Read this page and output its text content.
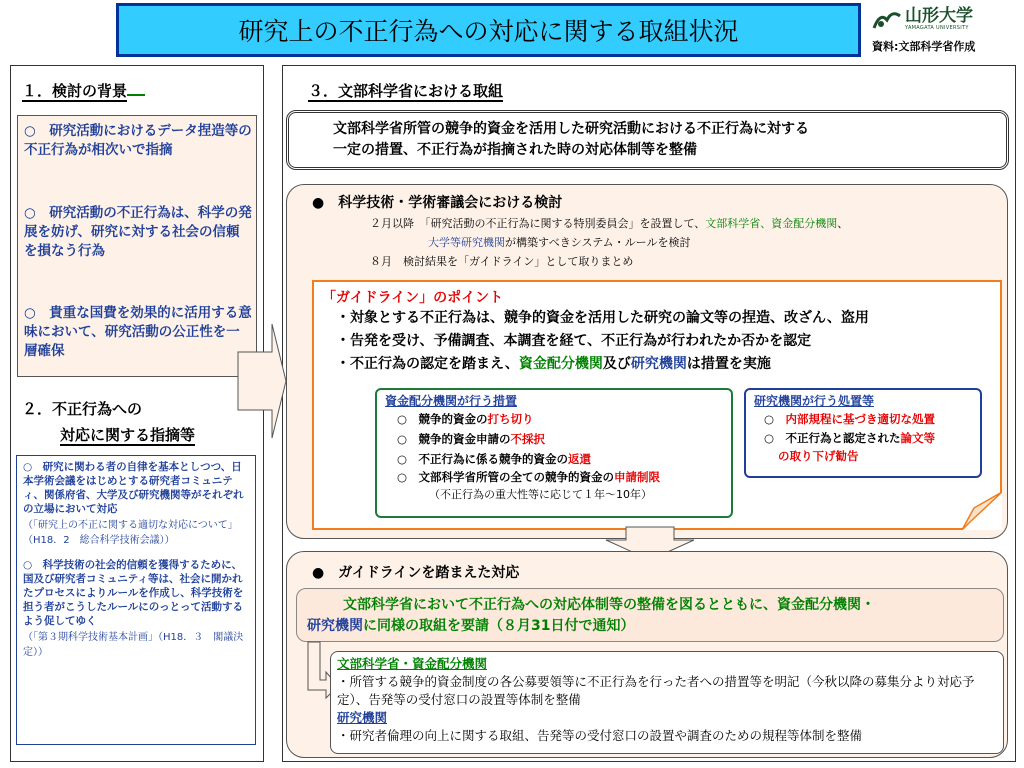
研究上の不正行為への対応に関する取組状況
山形大学
YAMAGATA UNIVERSITY
資料:文部科学省作成
１．検討の背景
○　研究活動におけるデータ捏造等の不正行為が相次いで指摘
○　研究活動の不正行為は、科学の発展を妨げ、研究に対する社会の信頼を損なう行為
○　貴重な国費を効果的に活用する意味において、研究活動の公正性を一層確保
２．不正行為への
対応に関する指摘等
○　研究に関わる者の自律を基本としつつ、日本学術会議をはじめとする研究者コミュニティ、関係府省、大学及び研究機関等がそれぞれの立場において対応
（「研究上の不正に関する適切な対応について」（H18．2　総合科学技術会議））
○　科学技術の社会的信頼を獲得するために、国及び研究者コミュニティ等は、社会に開かれたプロセスによりルールを作成し、科学技術を担う者がこうしたルールにのっとって活動するよう促してゆく
（「第３期科学技術基本計画」（H18．３　閣議決定））
３．文部科学省における取組
文部科学省所管の競争的資金を活用した研究活動における不正行為に対する
一定の措置、不正行為が指摘された時の対応体制等を整備
●　科学技術・学術審議会における検討
２月以降　「研究活動の不正行為に関する特別委員会」を設置して、文部科学省、資金配分機関、
大学等研究機関が構築すべきシステム・ルールを検討
８月　検討結果を「ガイドライン」として取りまとめ
「ガイドライン」のポイント
・対象とする不正行為は、競争的資金を活用した研究の論文等の捏造、改ざん、盗用
・告発を受け、予備調査、本調査を経て、不正行為が行われたか否かを認定
・不正行為の認定を踏まえ、資金配分機関及び研究機関は措置を実施
資金配分機関が行う措置
○　競争的資金の打ち切り
○　競争的資金申請の不採択
○　不正行為に係る競争的資金の返還
○　文部科学省所管の全ての競争的資金の申請制限
（不正行為の重大性等に応じて１年～10年）
研究機関が行う処置等
○　内部規程に基づき適切な処置
○　不正行為と認定された論文等
の取り下げ勧告
●　ガイドラインを踏まえた対応
文部科学省において不正行為への対応体制等の整備を図るとともに、資金配分機関・
研究機関に同様の取組を要請（８月31日付で通知）
文部科学省・資金配分機関
・所管する競争的資金制度の各公募要領等に不正行為を行った者への措置等を明記（今秋以降の募集分より対応予定）、告発等の受付窓口の設置等体制を整備
研究機関
・研究者倫理の向上に関する取組、告発等の受付窓口の設置や調査のための規程等体制を整備
